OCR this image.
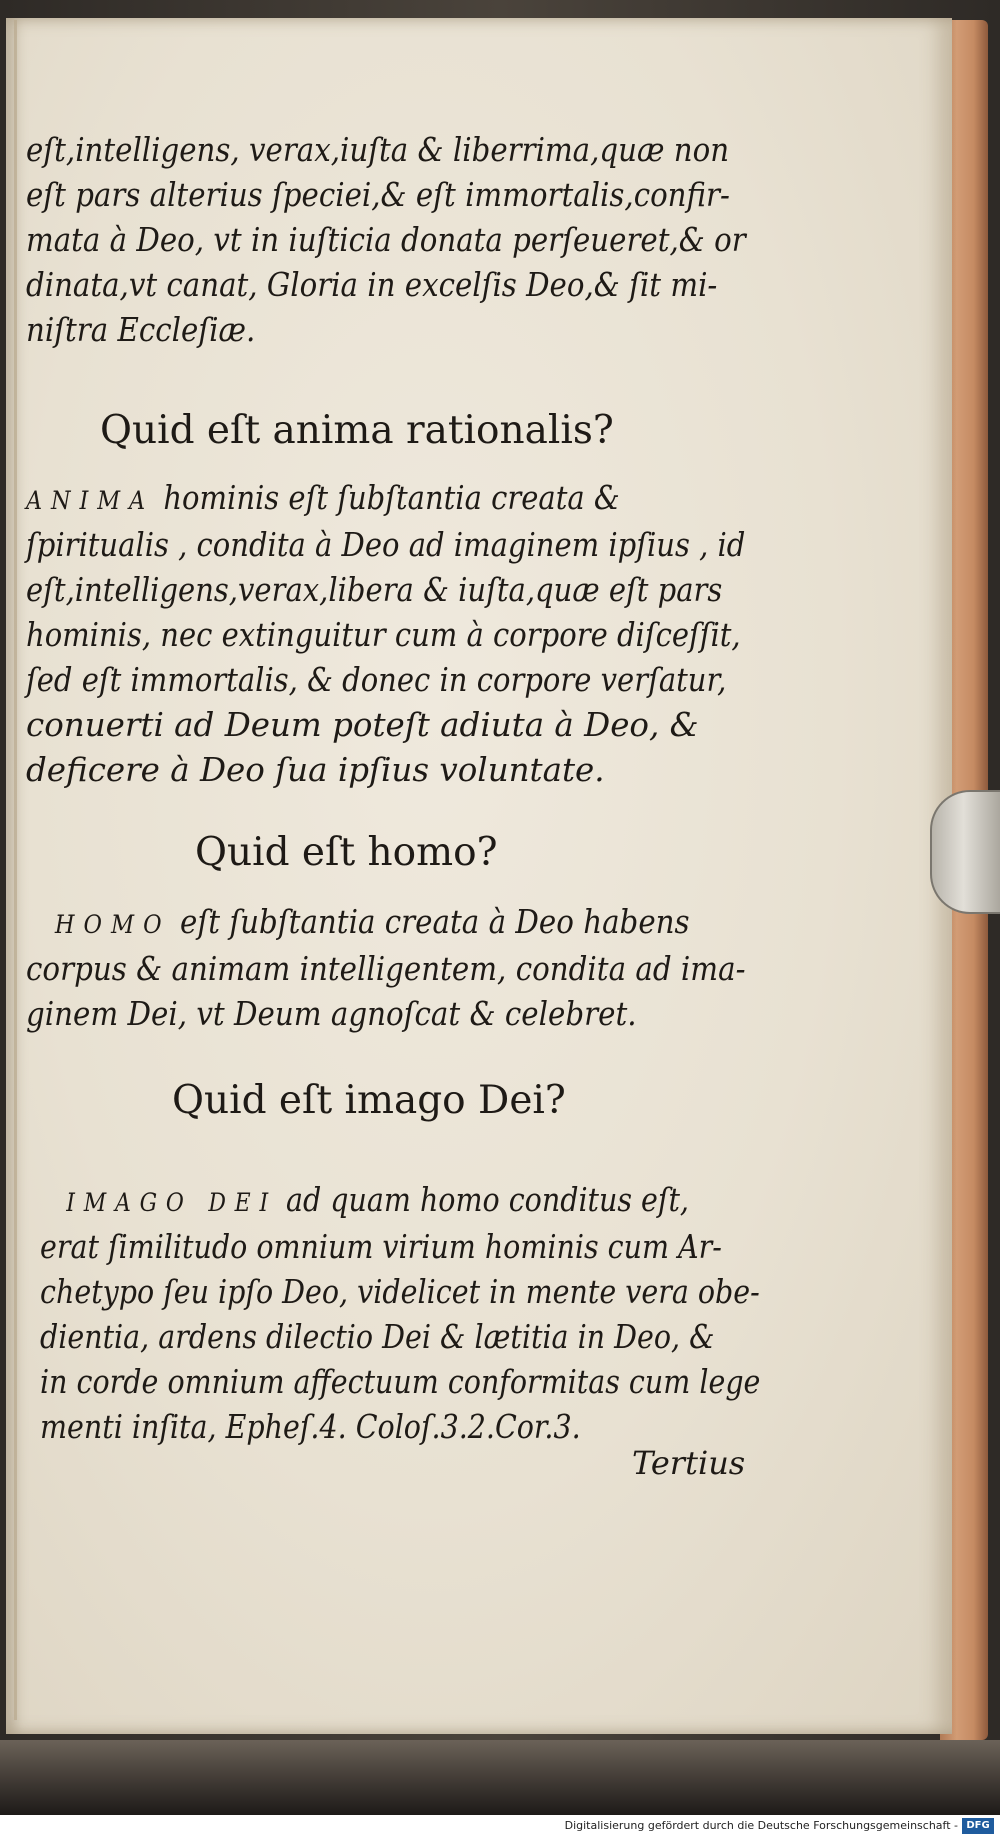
eſt,intelligens, verax,iuſta & liberrima,quæ non
eſt pars alterius ſpeciei,& eſt immortalis,confir-
mata à Deo, vt in iuſticia donata perſeueret,& or
dinata,vt canat, Gloria in excelſis Deo,& ſit mi-
niſtra Eccleſiæ.
Quid eſt anima rationalis?
ANIMA hominis eſt ſubſtantia creata &
ſpiritualis , condita à Deo ad imaginem ipſius , id
eſt,intelligens,verax,libera & iuſta,quæ eſt pars
hominis, nec extinguitur cum à corpore diſceſſit,
ſed eſt immortalis, & donec in corpore verſatur,
conuerti ad Deum poteſt adiuta à Deo, & deficere à Deo ſua ipſius voluntate.
Quid eſt homo?
HOMO eſt ſubſtantia creata à Deo habens
corpus & animam intelligentem, condita ad ima-
ginem Dei, vt Deum agnoſcat & celebret.
Quid eſt imago Dei?
IMAGO DEI ad quam homo conditus eſt,
erat ſimilitudo omnium virium hominis cum Ar-
chetypo ſeu ipſo Deo, videlicet in mente vera obe-
dientia, ardens dilectio Dei & lætitia in Deo, &
in corde omnium affectuum conformitas cum lege
menti inſita, Epheſ.4. Coloſ.3.2.Cor.3.
Tertius
Digitalisierung gefördert durch die Deutsche Forschungsgemeinschaft - DFG
